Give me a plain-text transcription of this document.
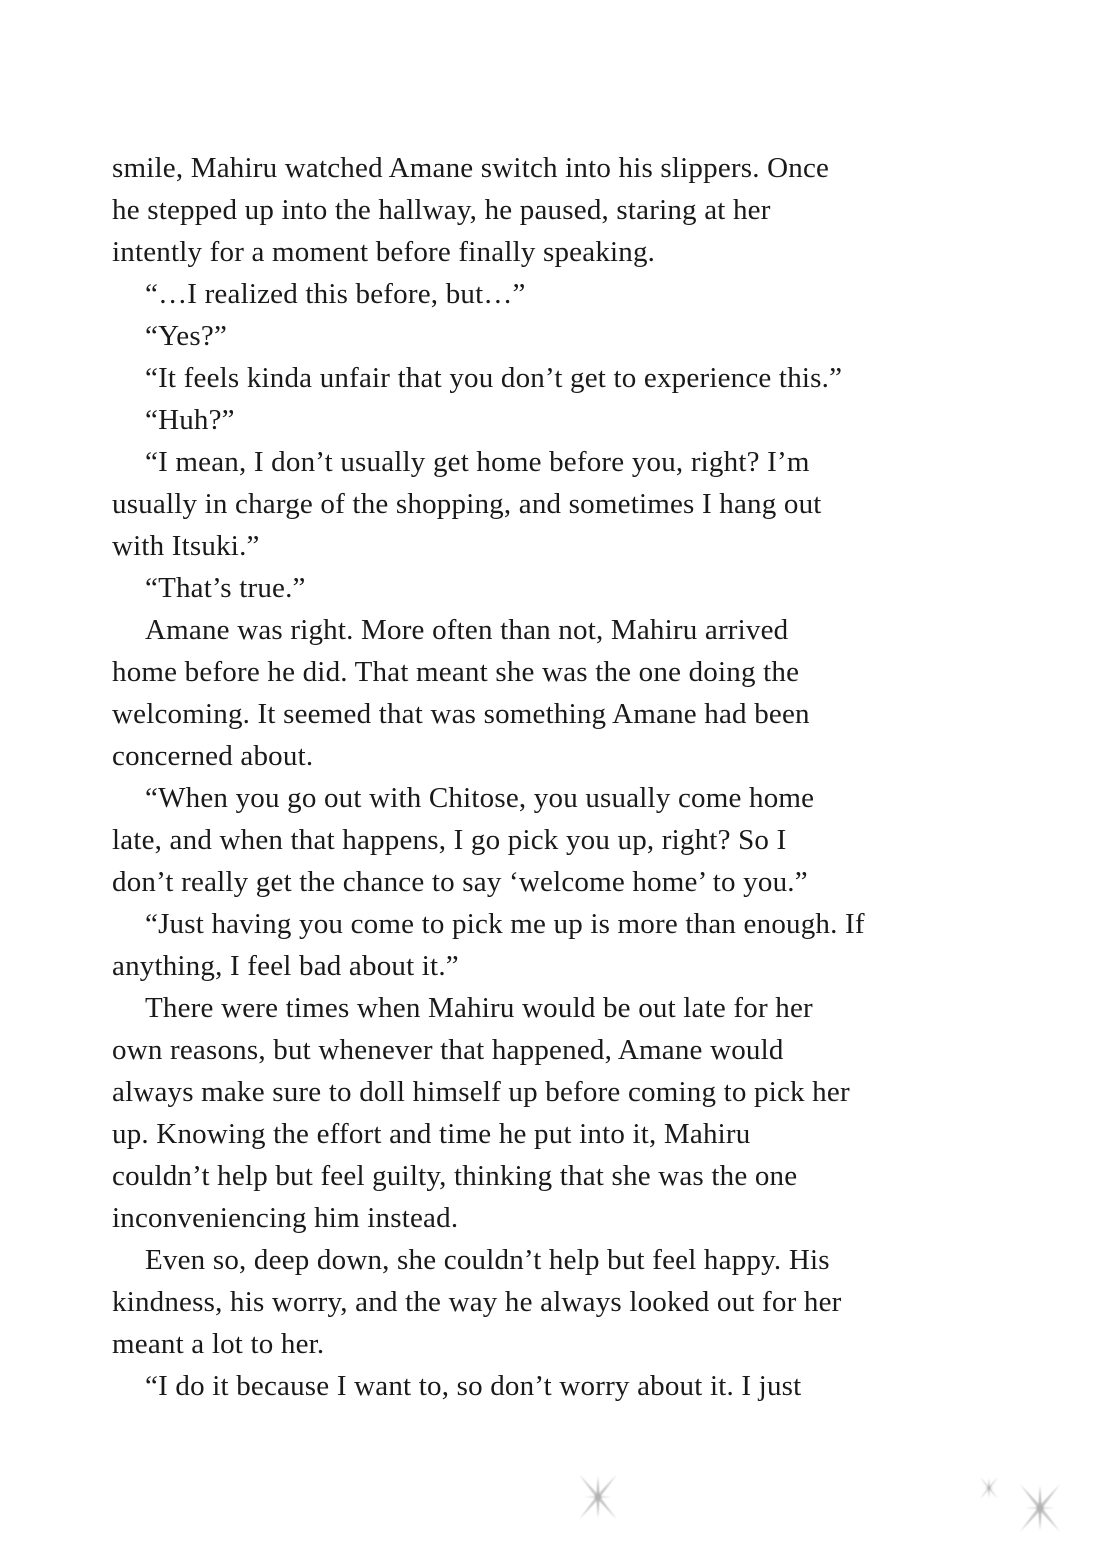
smile, Mahiru watched Amane switch into his slippers. Once
he stepped up into the hallway, he paused, staring at her
intently for a moment before finally speaking.

“…I realized this before, but…”

“Yes?”

“It feels kinda unfair that you don’t get to experience this.”

“Huh?”

“I mean, I don’t usually get home before you, right? I’m
usually in charge of the shopping, and sometimes I hang out
with Itsuki.”

“That’s true.”

Amane was right. More often than not, Mahiru arrived
home before he did. That meant she was the one doing the
welcoming. It seemed that was something Amane had been
concerned about.

“When you go out with Chitose, you usually come home
late, and when that happens, I go pick you up, right? So I
don’t really get the chance to say ‘welcome home’ to you.”

“Just having you come to pick me up is more than enough. If
anything, I feel bad about it.”

There were times when Mahiru would be out late for her
own reasons, but whenever that happened, Amane would
always make sure to doll himself up before coming to pick her
up. Knowing the effort and time he put into it, Mahiru
couldn’t help but feel guilty, thinking that she was the one
inconveniencing him instead.

Even so, deep down, she couldn’t help but feel happy. His
kindness, his worry, and the way he always looked out for her
meant a lot to her.

“I do it because I want to, so don’t worry about it. I just
